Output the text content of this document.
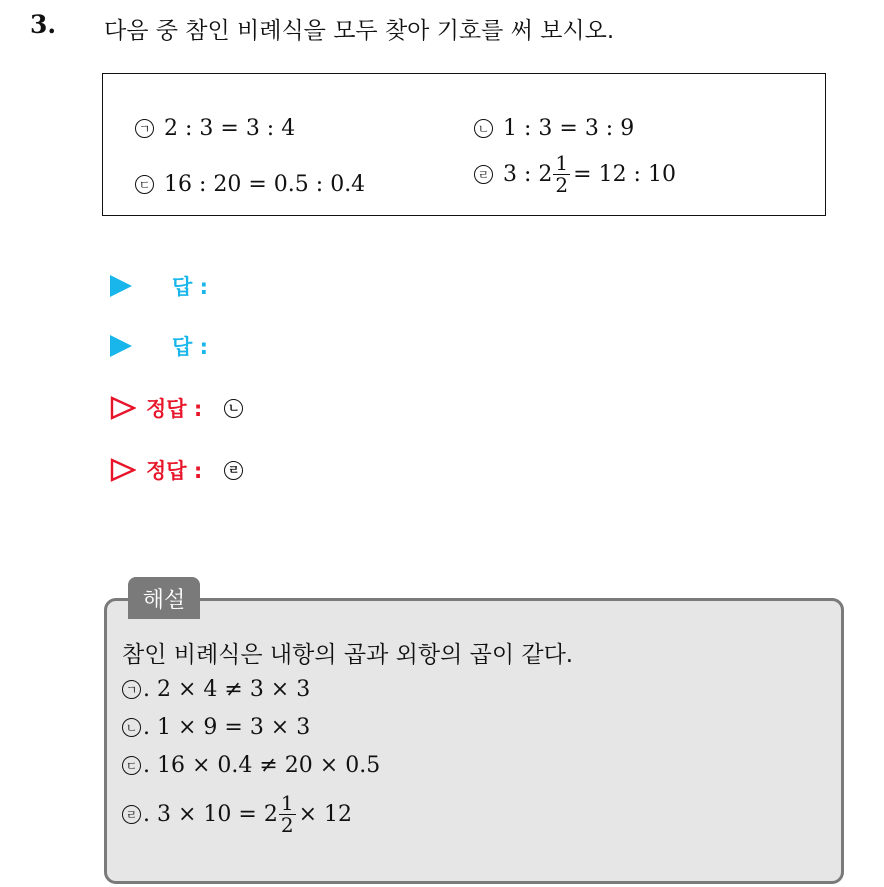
3. 다음 중 참인 비례식을 모두 찾아 기호를 써 보시오.
ㄱ 2 : 3 = 3 : 4	ㄴ 1 : 3 = 3 : 9
ㄷ 16 : 20 = 0.5 : 0.4	ㄹ 3 : $2 \frac{1}{2} = 12$ : 10
답 :
답 :
정답 :	ㄴ
정답 :	ㄹ
해설
참인 비례식은 내항의 곱과 외항의 곱이 같다.
ㄱ . 2 × 4 ≠ 3 × 3
ㄴ . 1 × 9 = 3 × 3
ㄷ . 16 × 0.4 ≠ 20 × 0.5
ㄹ . $3 \times 10 = 2 \frac{1}{2} \times 12$
